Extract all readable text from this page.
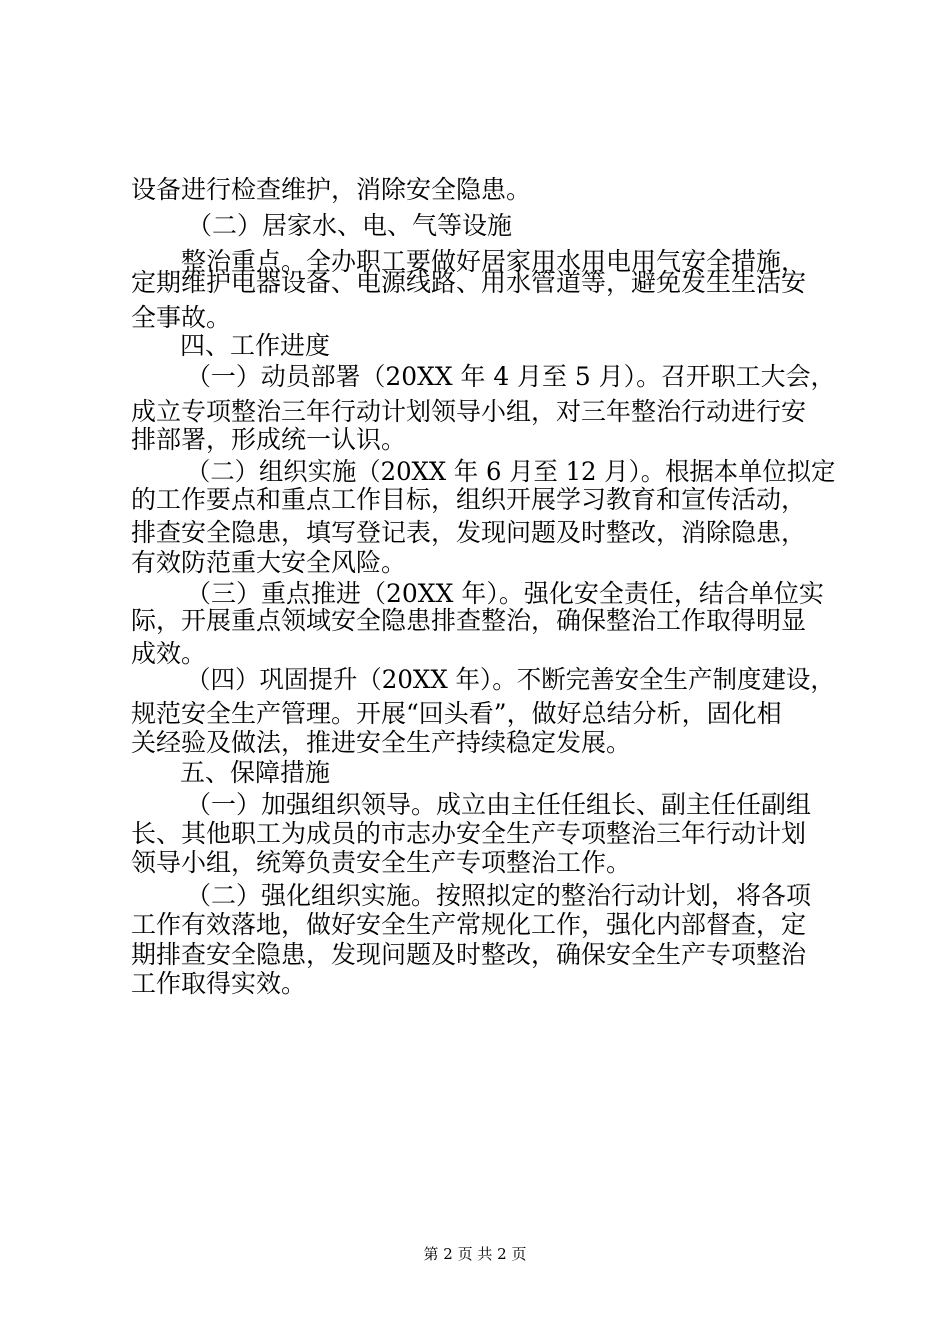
设备进行检查维护，消除安全隐患。
（二）居家水、电、气等设施
整治重点。全办职工要做好居家用水用电用气安全措施，
定期维护电器设备、电源线路、用水管道等，避免发生生活安
全事故。
四、工作进度
（一）动员部署（20XX 年 4 月至 5 月）。召开职工大会，
成立专项整治三年行动计划领导小组，对三年整治行动进行安
排部署，形成统一认识。
（二）组织实施（20XX 年 6 月至 12 月）。根据本单位拟定
的工作要点和重点工作目标，组织开展学习教育和宣传活动，
排查安全隐患，填写登记表，发现问题及时整改，消除隐患，
有效防范重大安全风险。
（三）重点推进（20XX 年）。强化安全责任，结合单位实
际，开展重点领域安全隐患排查整治，确保整治工作取得明显
成效。
（四）巩固提升（20XX 年）。不断完善安全生产制度建设，
规范安全生产管理。开展“回头看”，做好总结分析，固化相
关经验及做法，推进安全生产持续稳定发展。
五、保障措施
（一）加强组织领导。成立由主任任组长、副主任任副组
长、其他职工为成员的市志办安全生产专项整治三年行动计划
领导小组，统筹负责安全生产专项整治工作。
（二）强化组织实施。按照拟定的整治行动计划，将各项
工作有效落地，做好安全生产常规化工作，强化内部督查，定
期排查安全隐患，发现问题及时整改，确保安全生产专项整治
工作取得实效。
第 2 页 共 2 页
